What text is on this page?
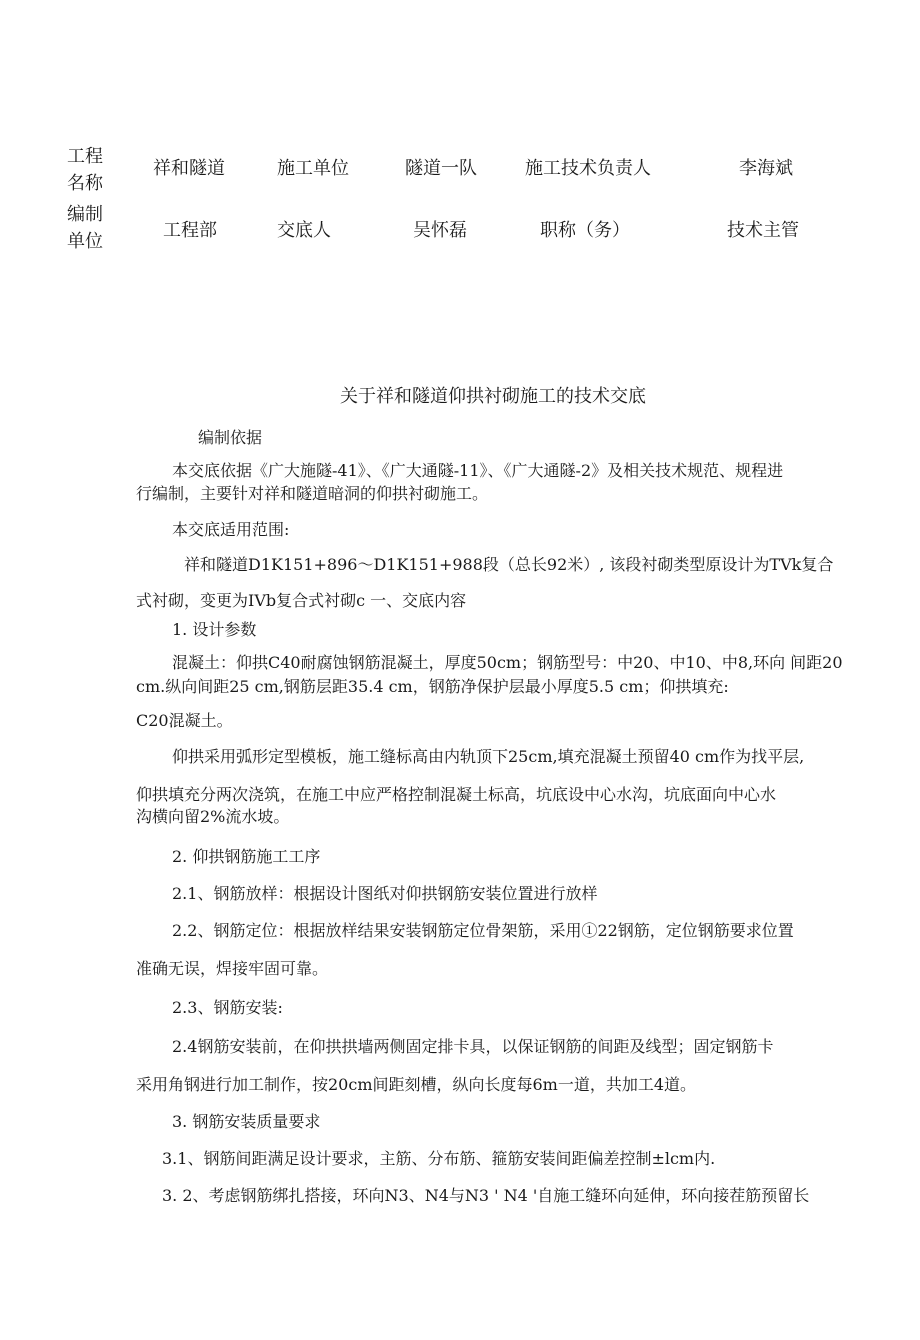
工程
名称
祥和隧道	施工单位	隧道一队	施工技术负责人	李海斌
编制
单位
工程部	交底人	吴怀磊	职称（务）	技术主管
关于祥和隧道仰拱衬砌施工的技术交底
编制依据
本交底依据《广大施隧-41》、《广大通隧-11》、《广大通隧-2》及相关技术规范、规程进
行编制，主要针对祥和隧道暗洞的仰拱衬砌施工。
本交底适用范围:
祥和隧道D1K151+896〜D1K151+988段（总长92米）, 该段衬砌类型原设计为TVk复合
式衬砌，变更为IVb复合式衬砌c 一、交底内容
1. 设计参数
混凝土：仰拱C40耐腐蚀钢筋混凝土，厚度50cm；钢筋型号：中20、中10、中8,环向 间距20
cm.纵向间距25 cm,钢筋层距35.4 cm，钢筋净保护层最小厚度5.5 cm；仰拱填充:
C20混凝土。
仰拱采用弧形定型模板，施工缝标高由内轨顶下25cm,填充混凝土预留40 cm作为找平层,
仰拱填充分两次浇筑，在施工中应严格控制混凝土标高，坑底设中心水沟，坑底面向中心水
沟横向留2%流水坡。
2. 仰拱钢筋施工工序
2.1、钢筋放样：根据设计图纸对仰拱钢筋安装位置进行放样
2.2、钢筋定位：根据放样结果安装钢筋定位骨架筋，采用①22钢筋，定位钢筋要求位置
准确无误，焊接牢固可靠。
2.3、钢筋安装:
2.4钢筋安装前，在仰拱拱墙两侧固定排卡具，以保证钢筋的间距及线型；固定钢筋卡
采用角钢进行加工制作，按20cm间距刻槽，纵向长度每6m一道，共加工4道。
3. 钢筋安装质量要求
3.1、钢筋间距满足设计要求，主筋、分布筋、箍筋安装间距偏差控制±lcm内.
3. 2、考虑钢筋绑扎搭接，环向N3、N4与N3 ' N4 '自施工缝环向延伸，环向接茬筋预留长
